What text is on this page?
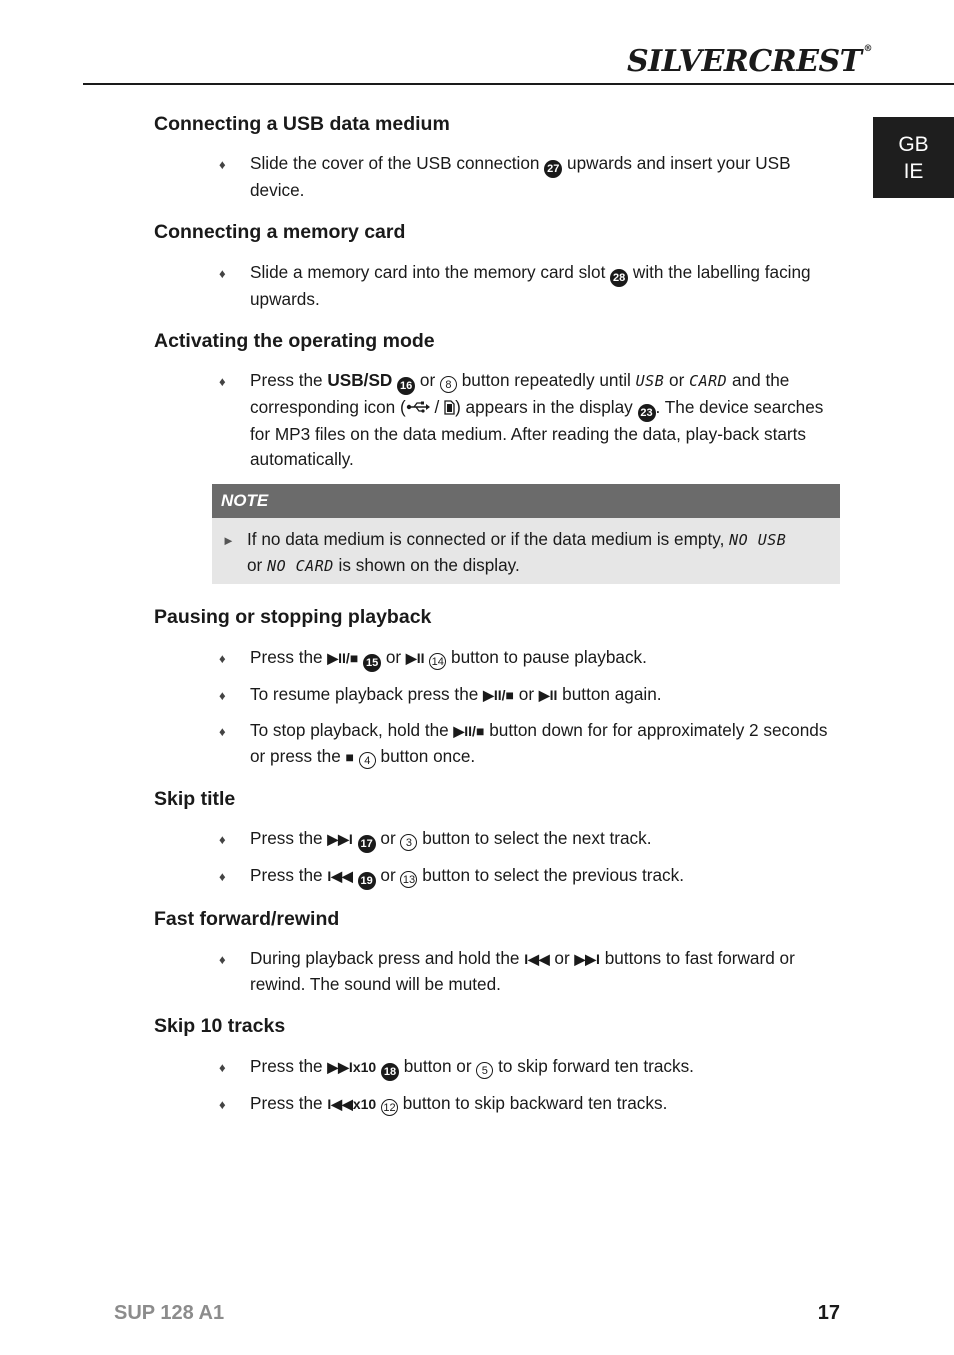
SILVERCREST ®
GB
IE
Connecting a USB data medium
♦ Slide the cover of the USB connection 27 upwards and insert your USB device.
Connecting a memory card
♦ Slide a memory card into the memory card slot 28 with the labelling facing upwards.
Activating the operating mode
♦ Press the USB/SD 16 or 8 button repeatedly until USB or CARD and the corresponding icon ( / ) appears in the display 23 . The device searches for MP3 files on the data medium. After reading the data, play-back starts automatically.
NOTE
► If no data medium is connected or if the data medium is empty, NO USB
or NO CARD is shown on the display.
Pausing or stopping playback
♦ Press the ▶II/■ 15 or ▶II 14 button to pause playback.
♦ To resume playback press the ▶II/■ or ▶II button again.
♦ To stop playback, hold the ▶II/■ button down for for approximately 2 seconds or press the ■ 4 button once.
Skip title
♦ Press the ▶▶I 17 or 3 button to select the next track.
♦ Press the I◀◀ 19 or 13 button to select the previous track.
Fast forward/rewind
♦ During playback press and hold the I◀◀ or ▶▶I buttons to fast forward or rewind. The sound will be muted.
Skip 10 tracks
♦ Press the ▶▶Ix10 18 button or 5 to skip forward ten tracks.
♦ Press the I◀◀x10 12 button to skip backward ten tracks.
SUP 128 A1	17
